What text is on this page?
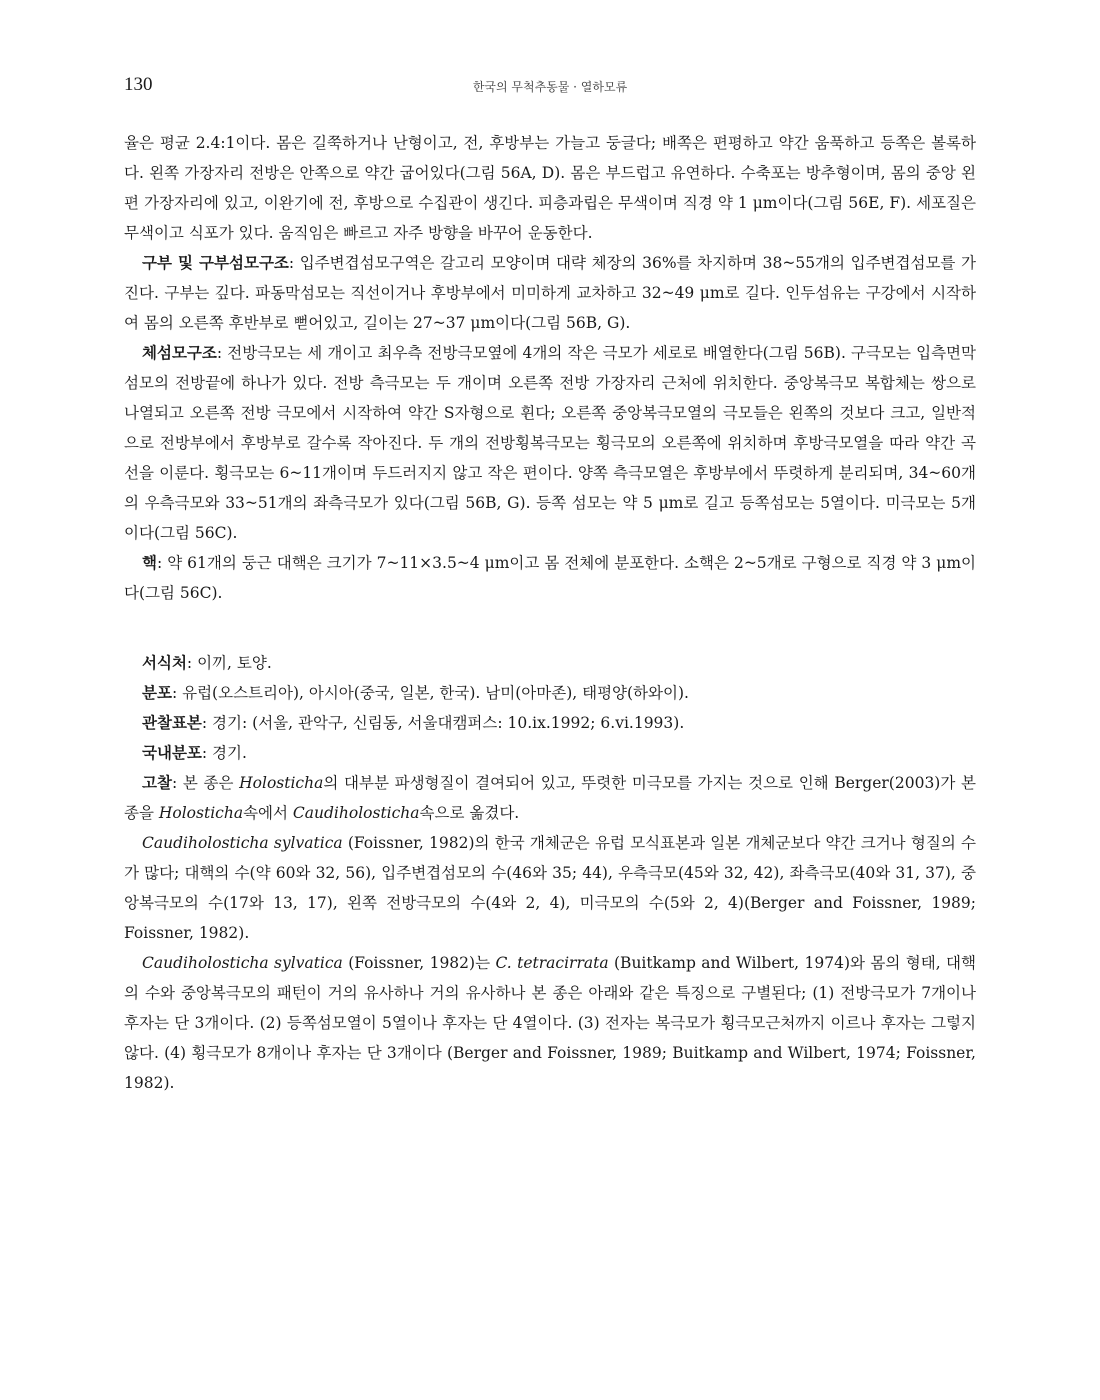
130	한국의 무척추동물 · 열하모류

율은 평균 2.4:1이다. 몸은 길쭉하거나 난형이고, 전, 후방부는 가늘고 둥글다; 배쪽은 편평하고 약간 움푹하고 등쪽은 볼록하다. 왼쪽 가장자리 전방은 안쪽으로 약간 굽어있다(그림 56A, D). 몸은 부드럽고 유연하다. 수축포는 방추형이며, 몸의 중앙 왼편 가장자리에 있고, 이완기에 전, 후방으로 수집관이 생긴다. 피층과립은 무색이며 직경 약 1 μm이다(그림 56E, F). 세포질은 무색이고 식포가 있다. 움직임은 빠르고 자주 방향을 바꾸어 운동한다.

구부 및 구부섬모구조: 입주변겹섬모구역은 갈고리 모양이며 대략 체장의 36%를 차지하며 38~55개의 입주변겹섬모를 가진다. 구부는 깊다. 파동막섬모는 직선이거나 후방부에서 미미하게 교차하고 32~49 μm로 길다. 인두섬유는 구강에서 시작하여 몸의 오른쪽 후반부로 뻗어있고, 길이는 27~37 μm이다(그림 56B, G).

체섬모구조: 전방극모는 세 개이고 최우측 전방극모옆에 4개의 작은 극모가 세로로 배열한다(그림 56B). 구극모는 입측면막섬모의 전방끝에 하나가 있다. 전방 측극모는 두 개이며 오른쪽 전방 가장자리 근처에 위치한다. 중앙복극모 복합체는 쌍으로 나열되고 오른쪽 전방 극모에서 시작하여 약간 S자형으로 휜다; 오른쪽 중앙복극모열의 극모들은 왼쪽의 것보다 크고, 일반적으로 전방부에서 후방부로 갈수록 작아진다. 두 개의 전방횡복극모는 횡극모의 오른쪽에 위치하며 후방극모열을 따라 약간 곡선을 이룬다. 횡극모는 6~11개이며 두드러지지 않고 작은 편이다. 양쪽 측극모열은 후방부에서 뚜렷하게 분리되며, 34~60개의 우측극모와 33~51개의 좌측극모가 있다(그림 56B, G). 등쪽 섬모는 약 5 μm로 길고 등쪽섬모는 5열이다. 미극모는 5개이다(그림 56C).

핵: 약 61개의 둥근 대핵은 크기가 7~11×3.5~4 μm이고 몸 전체에 분포한다. 소핵은 2~5개로 구형으로 직경 약 3 μm이다(그림 56C).

서식처: 이끼, 토양.

분포: 유럽(오스트리아), 아시아(중국, 일본, 한국). 남미(아마존), 태평양(하와이).

관찰표본: 경기: (서울, 관악구, 신림동, 서울대캠퍼스: 10.ix.1992; 6.vi.1993).

국내분포: 경기.

고찰: 본 종은 Holosticha의 대부분 파생형질이 결여되어 있고, 뚜렷한 미극모를 가지는 것으로 인해 Berger(2003)가 본 종을 Holosticha속에서 Caudiholosticha속으로 옮겼다.

Caudiholosticha sylvatica (Foissner, 1982)의 한국 개체군은 유럽 모식표본과 일본 개체군보다 약간 크거나 형질의 수가 많다; 대핵의 수(약 60와 32, 56), 입주변겹섬모의 수(46와 35; 44), 우측극모(45와 32, 42), 좌측극모(40와 31, 37), 중앙복극모의 수(17와 13, 17), 왼쪽 전방극모의 수(4와 2, 4), 미극모의 수(5와 2, 4)(Berger and Foissner, 1989; Foissner, 1982).

Caudiholosticha sylvatica (Foissner, 1982)는 C. tetracirrata (Buitkamp and Wilbert, 1974)와 몸의 형태, 대핵의 수와 중앙복극모의 패턴이 거의 유사하나 거의 유사하나 본 종은 아래와 같은 특징으로 구별된다; (1) 전방극모가 7개이나 후자는 단 3개이다. (2) 등쪽섬모열이 5열이나 후자는 단 4열이다. (3) 전자는 복극모가 횡극모근처까지 이르나 후자는 그렇지 않다. (4) 횡극모가 8개이나 후자는 단 3개이다 (Berger and Foissner, 1989; Buitkamp and Wilbert, 1974; Foissner, 1982).
